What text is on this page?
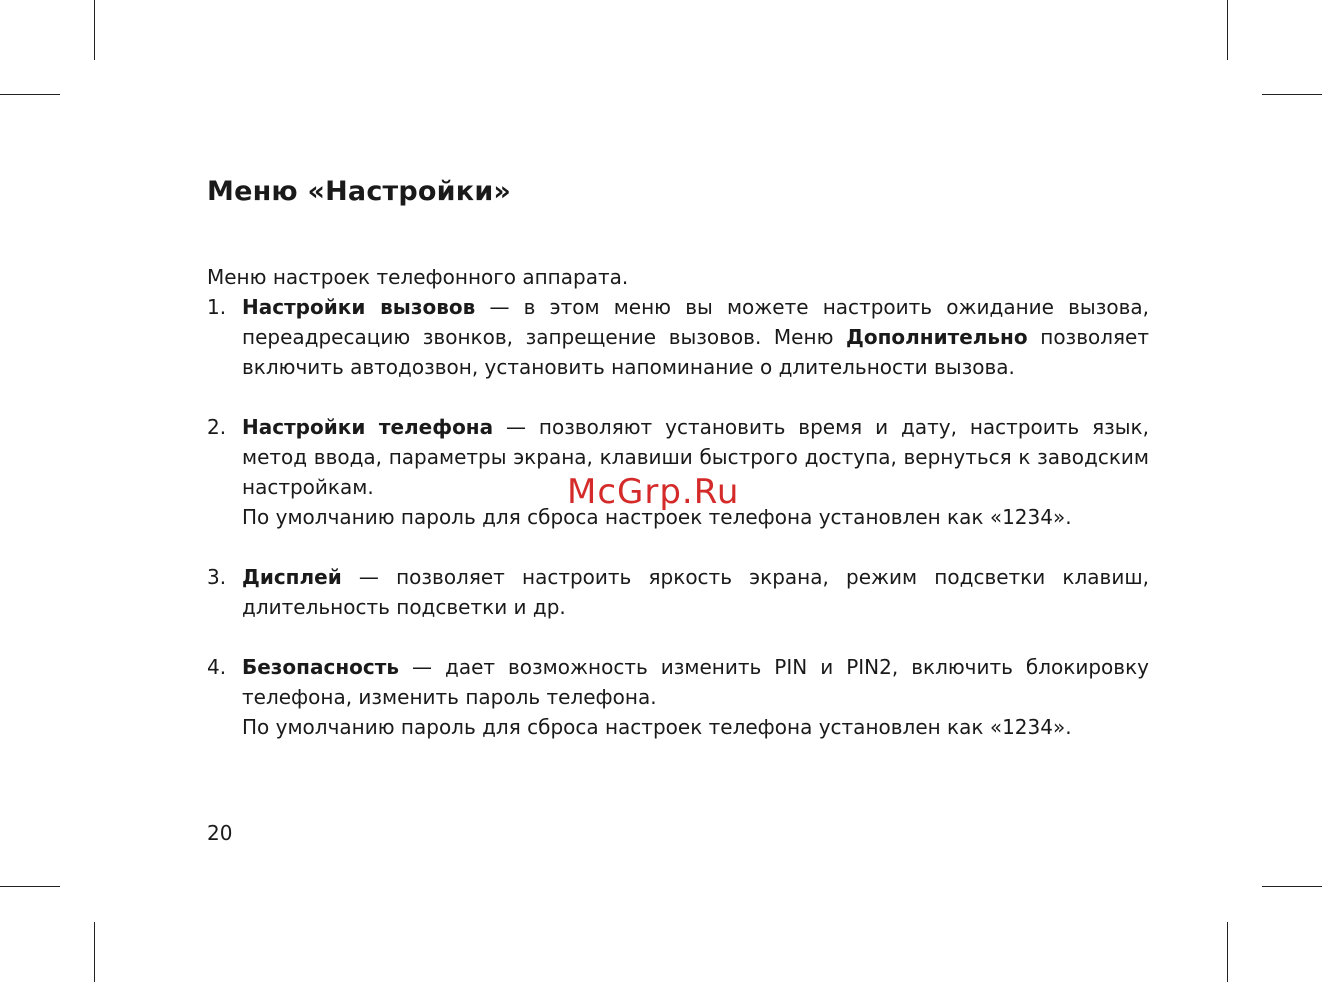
Меню «Настройки»

Меню настроек телефонного аппарата.

1. Настройки вызовов — в этом меню вы можете настроить ожидание вызова, переадресацию звонков, запрещение вызовов. Меню Дополнительно позволяет включить автодозвон, установить напоминание о длительности вызова.
2. Настройки телефона — позволяют установить время и дату, настроить язык, метод ввода, параметры экрана, клавиши быстрого доступа, вернуться к заводским настройкам.
По умолчанию пароль для сброса настроек телефона установлен как «1234».
3. Дисплей — позволяет настроить яркость экрана, режим подсветки клавиш, длительность подсветки и др.
4. Безопасность — дает возможность изменить PIN и PIN2, включить блокировку телефона, изменить пароль телефона.
По умолчанию пароль для сброса настроек телефона установлен как «1234».
McGrp.Ru
20
